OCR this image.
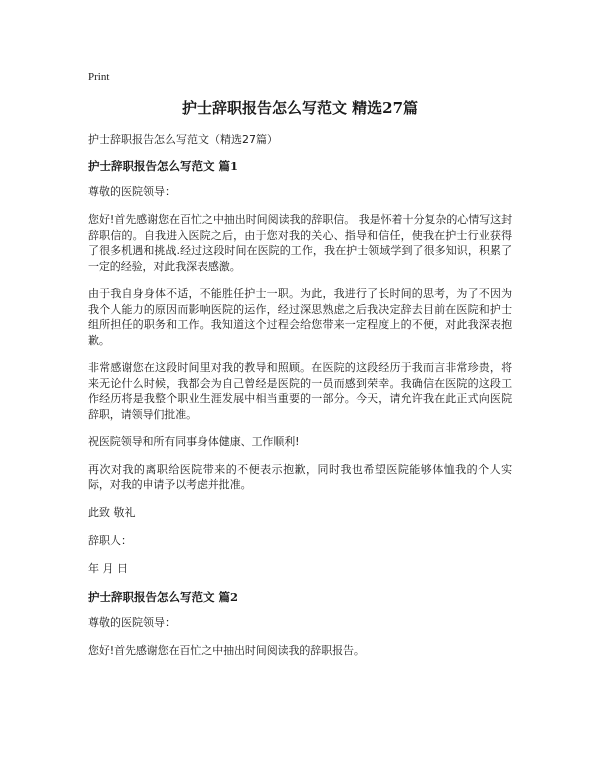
Print
护士辞职报告怎么写范文 精选27篇
护士辞职报告怎么写范文（精选27篇）
护士辞职报告怎么写范文 篇1
尊敬的医院领导：
您好!首先感谢您在百忙之中抽出时间阅读我的辞职信。 我是怀着十分复杂的心情写这封辞职信的。自我进入医院之后，由于您对我的关心、指导和信任，使我在护士行业获得了很多机遇和挑战.经过这段时间在医院的工作，我在护士领域学到了很多知识，积累了一定的经验，对此我深表感激。
由于我自身身体不适，不能胜任护士一职。为此，我进行了长时间的思考，为了不因为我个人能力的原因而影响医院的运作，经过深思熟虑之后我决定辞去目前在医院和护士组所担任的职务和工作。我知道这个过程会给您带来一定程度上的不便，对此我深表抱歉。
非常感谢您在这段时间里对我的教导和照顾。在医院的这段经历于我而言非常珍贵，将来无论什么时候，我都会为自己曾经是医院的一员而感到荣幸。我确信在医院的这段工作经历将是我整个职业生涯发展中相当重要的一部分。今天，请允许我在此正式向医院辞职，请领导们批准。
祝医院领导和所有同事身体健康、工作顺利!
再次对我的离职给医院带来的不便表示抱歉，同时我也希望医院能够体恤我的个人实际，对我的申请予以考虑并批准。
此致 敬礼
辞职人：
年 月 日
护士辞职报告怎么写范文 篇2
尊敬的医院领导：
您好!首先感谢您在百忙之中抽出时间阅读我的辞职报告。
